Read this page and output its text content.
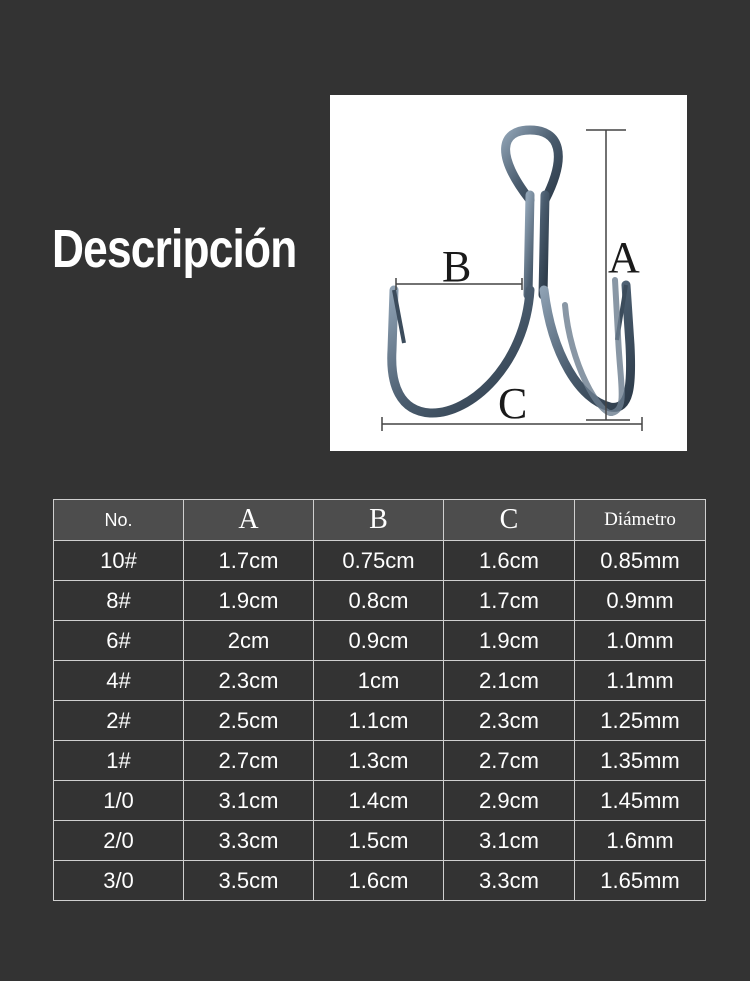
Descripción	A
B
C
No.	A	B	C	Diámetro
10#	1.7cm	0.75cm	1.6cm	0.85mm
8#	1.9cm	0.8cm	1.7cm	0.9mm
6#	2cm	0.9cm	1.9cm	1.0mm
4#	2.3cm	1cm	2.1cm	1.1mm
2#	2.5cm	1.1cm	2.3cm	1.25mm
1#	2.7cm	1.3cm	2.7cm	1.35mm
1/0	3.1cm	1.4cm	2.9cm	1.45mm
2/0	3.3cm	1.5cm	3.1cm	1.6mm
3/0	3.5cm	1.6cm	3.3cm	1.65mm
